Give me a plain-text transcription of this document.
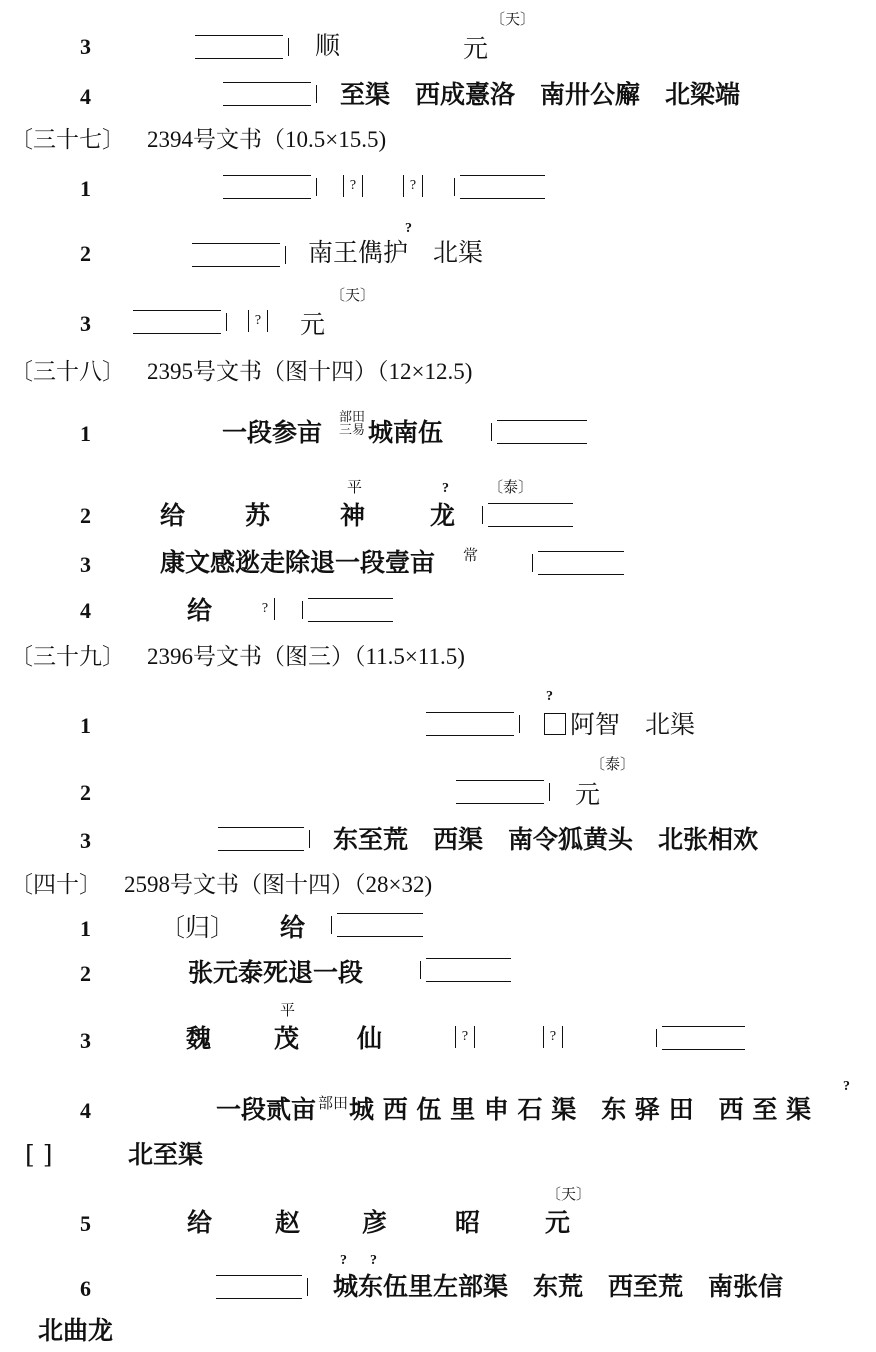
〔天〕
3	顺	元
4	至渠　西成憙洛　南卅公廨　北梁端
〔三十七〕 2394号文书（10.5×15.5)
1	?	?
?
2	南王儁护　北渠
〔天〕
3	? 元
〔三十八〕 2395号文书（图十四）（12×12.5)
1	一段参亩
部田
三易 城南伍
平	?	〔泰〕
2	给 苏	神	龙
3	康文感逖走除退一段壹亩 常
4	给	?
〔三十九〕 2396号文书（图三）（11.5×11.5)
?
1	阿智　北渠
〔泰〕
2	元
3	东至荒　西渠　南令狐黄头　北张相欢
〔四十〕 2598号文书（图十四）（28×32)
1	〔归〕 给
2	张元泰死退一段
平
3	魏	茂 仙	?	?
?
4	一段贰亩 部田 城 西 伍 里 申 石 渠　东 驿 田　西 至 渠
[ ]	北至渠
〔天〕
5	给	赵 彦	昭	元
? ?
6	城东伍里左部渠　东荒　西至荒　南张信
北曲龙
